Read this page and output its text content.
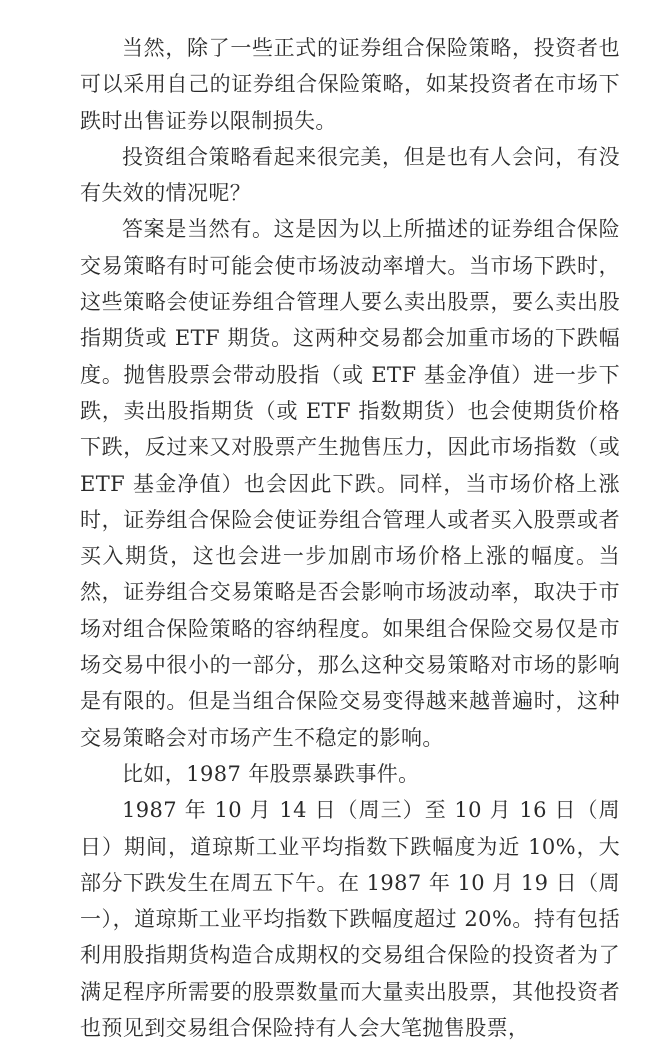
当然，除了一些正式的证券组合保险策略，投资者也可以采用自己的证券组合保险策略，如某投资者在市场下跌时出售证券以限制损失。

投资组合策略看起来很完美，但是也有人会问，有没有失效的情况呢？

答案是当然有。这是因为以上所描述的证券组合保险交易策略有时可能会使市场波动率增大。当市场下跌时，这些策略会使证券组合管理人要么卖出股票，要么卖出股指期货或 ETF 期货。这两种交易都会加重市场的下跌幅度。抛售股票会带动股指（或 ETF 基金净值）进一步下跌，卖出股指期货（或 ETF 指数期货）也会使期货价格下跌，反过来又对股票产生抛售压力，因此市场指数（或 ETF 基金净值）也会因此下跌。同样，当市场价格上涨时，证券组合保险会使证券组合管理人或者买入股票或者买入期货，这也会进一步加剧市场价格上涨的幅度。当然，证券组合交易策略是否会影响市场波动率，取决于市场对组合保险策略的容纳程度。如果组合保险交易仅是市场交易中很小的一部分，那么这种交易策略对市场的影响是有限的。但是当组合保险交易变得越来越普遍时，这种交易策略会对市场产生不稳定的影响。

比如，1987 年股票暴跌事件。

1987 年 10 月 14 日（周三）至 10 月 16 日（周日）期间，道琼斯工业平均指数下跌幅度为近 10%，大部分下跌发生在周五下午。在 1987 年 10 月 19 日（周一），道琼斯工业平均指数下跌幅度超过 20%。持有包括利用股指期货构造合成期权的交易组合保险的投资者为了满足程序所需要的股票数量而大量卖出股票，其他投资者也预见到交易组合保险持有人会大笔抛售股票，
